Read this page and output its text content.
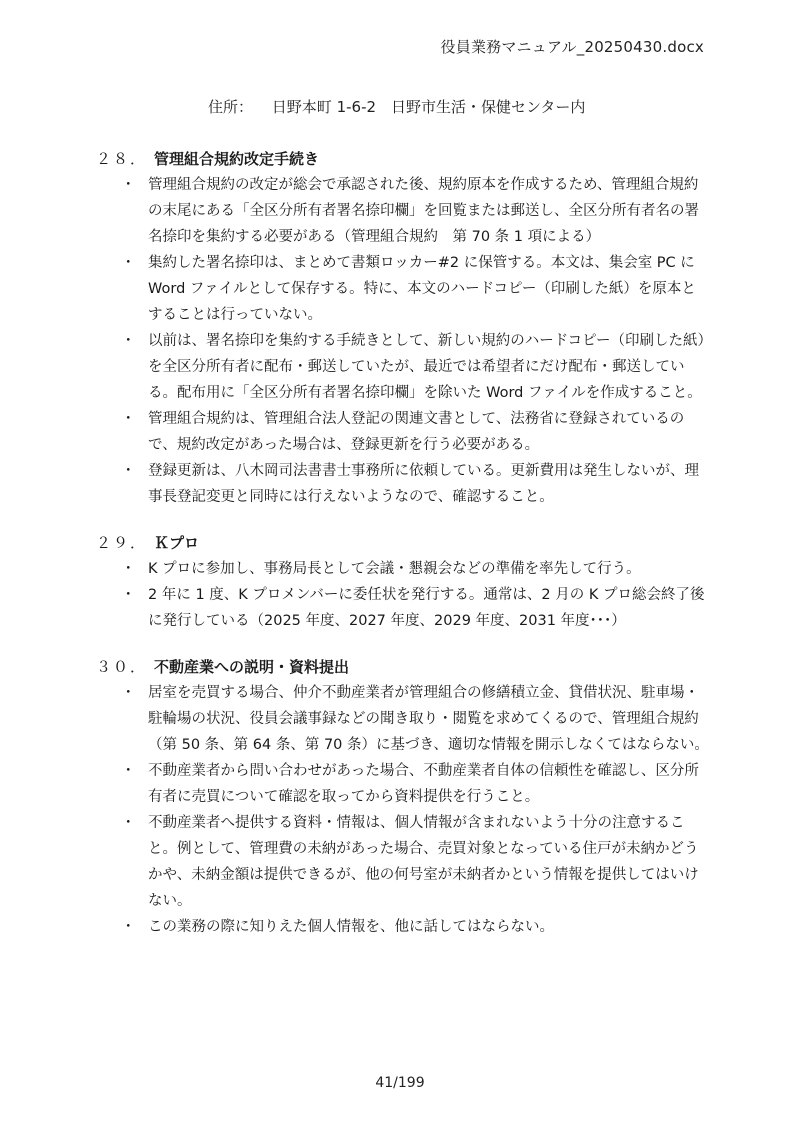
役員業務マニュアル_20250430.docx
住所： 日野本町 1-6-2　日野市生活・保健センター内
２８． 管理組合規約改定手続き
・ 管理組合規約の改定が総会で承認された後、規約原本を作成するため、管理組合規約の末尾にある「全区分所有者署名捺印欄」を回覧または郵送し、全区分所有者名の署名捺印を集約する必要がある（管理組合規約　第 70 条 1 項による）
・ 集約した署名捺印は、まとめて書類ロッカー#2 に保管する。本文は、集会室 PC に Word ファイルとして保存する。特に、本文のハードコピー（印刷した紙）を原本とすることは行っていない。
・ 以前は、署名捺印を集約する手続きとして、新しい規約のハードコピー（印刷した紙）を全区分所有者に配布・郵送していたが、最近では希望者にだけ配布・郵送している。配布用に「全区分所有者署名捺印欄」を除いた Word ファイルを作成すること。
・ 管理組合規約は、管理組合法人登記の関連文書として、法務省に登録されているので、規約改定があった場合は、登録更新を行う必要がある。
・ 登録更新は、八木岡司法書書士事務所に依頼している。更新費用は発生しないが、理事長登記変更と同時には行えないようなので、確認すること。
２９． Ｋプロ
・ K プロに参加し、事務局長として会議・懇親会などの準備を率先して行う。
・ 2 年に 1 度、K プロメンバーに委任状を発行する。通常は、2 月の K プロ総会終了後に発行している（2025 年度、2027 年度、2029 年度、2031 年度･･･）
３０． 不動産業への説明・資料提出
・ 居室を売買する場合、仲介不動産業者が管理組合の修繕積立金、貸借状況、駐車場・駐輪場の状況、役員会議事録などの聞き取り・閲覧を求めてくるので、管理組合規約（第 50 条、第 64 条、第 70 条）に基づき、適切な情報を開示しなくてはならない。
・ 不動産業者から問い合わせがあった場合、不動産業者自体の信頼性を確認し、区分所有者に売買について確認を取ってから資料提供を行うこと。
・ 不動産業者へ提供する資料・情報は、個人情報が含まれないよう十分の注意すること。例として、管理費の未納があった場合、売買対象となっている住戸が未納かどうかや、未納金額は提供できるが、他の何号室が未納者かという情報を提供してはいけない。
・ この業務の際に知りえた個人情報を、他に話してはならない。
41/199
